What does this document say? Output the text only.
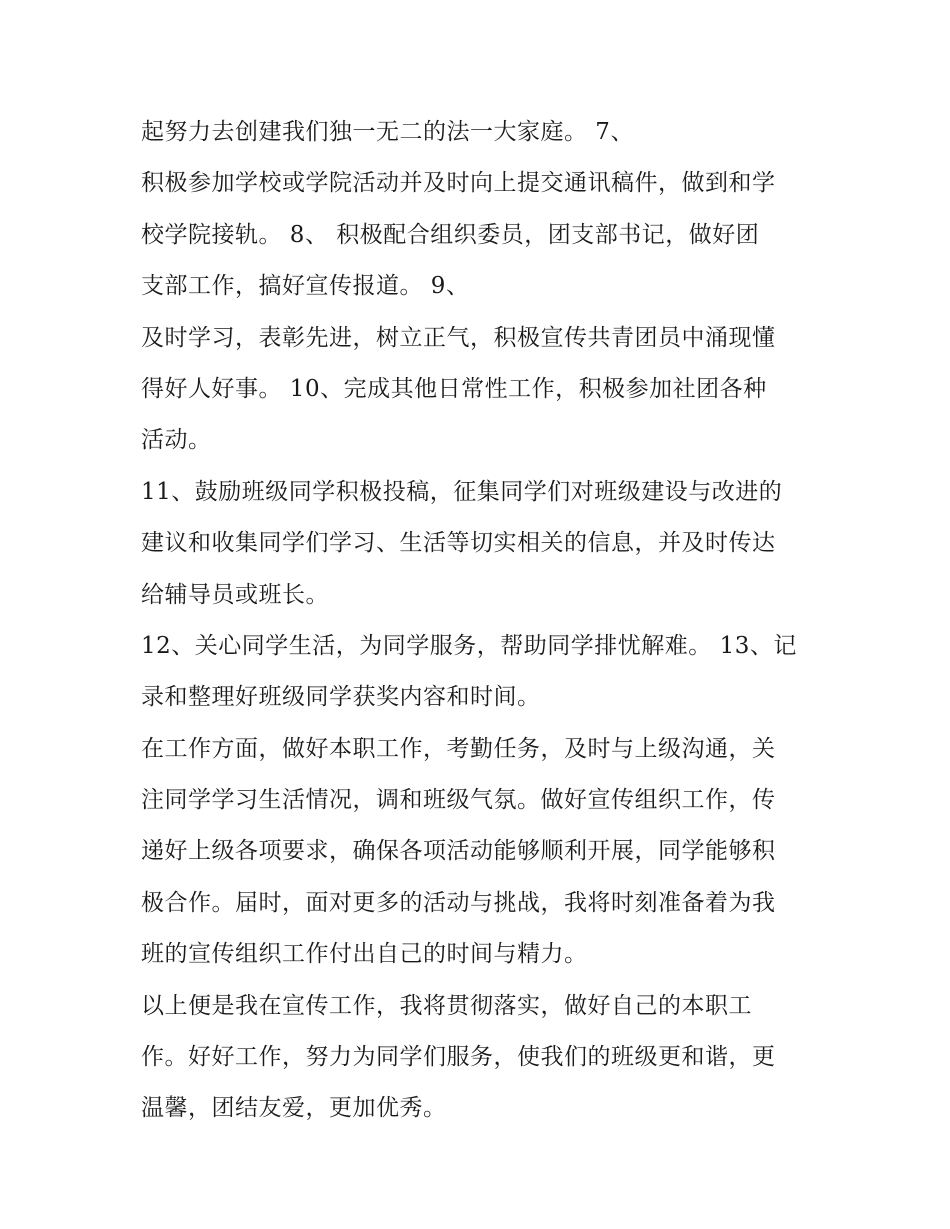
起努力去创建我们独一无二的法一大家庭。 7、
积极参加学校或学院活动并及时向上提交通讯稿件，做到和学
校学院接轨。 8、 积极配合组织委员，团支部书记，做好团
支部工作，搞好宣传报道。 9、
及时学习，表彰先进，树立正气，积极宣传共青团员中涌现懂
得好人好事。 10、完成其他日常性工作，积极参加社团各种
活动。
11、鼓励班级同学积极投稿，征集同学们对班级建设与改进的
建议和收集同学们学习、生活等切实相关的信息，并及时传达
给辅导员或班长。
12、关心同学生活，为同学服务，帮助同学排忧解难。 13、记
录和整理好班级同学获奖内容和时间。
在工作方面，做好本职工作，考勤任务，及时与上级沟通，关
注同学学习生活情况，调和班级气氛。做好宣传组织工作，传
递好上级各项要求，确保各项活动能够顺利开展，同学能够积
极合作。届时，面对更多的活动与挑战，我将时刻准备着为我
班的宣传组织工作付出自己的时间与精力。
以上便是我在宣传工作，我将贯彻落实，做好自己的本职工
作。好好工作，努力为同学们服务，使我们的班级更和谐，更
温馨，团结友爱，更加优秀。
